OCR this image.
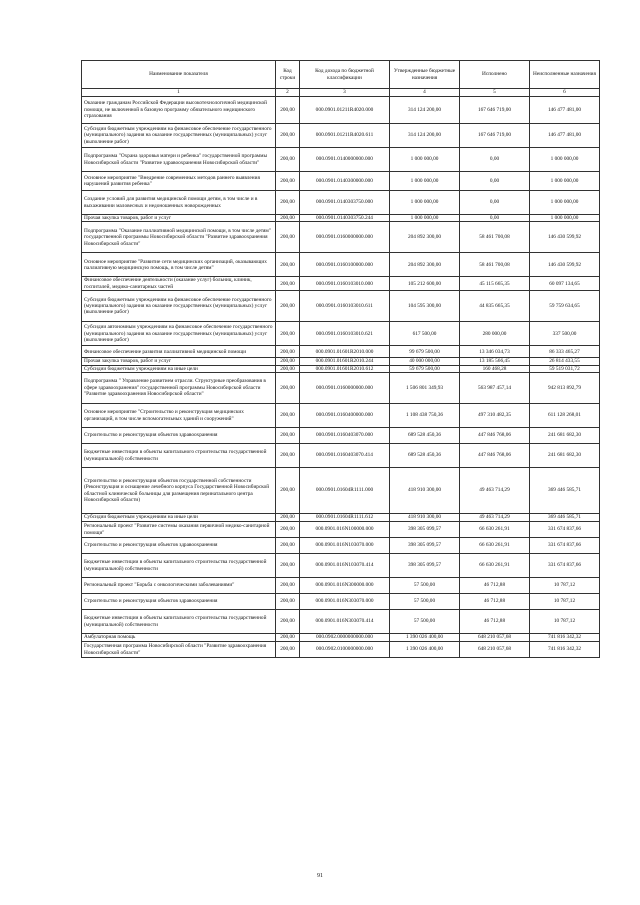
Наименование показателя	Код строки	Код дохода по бюджетной классификации	Утвержденные бюджетные назначения	Исполнено	Неисполненные назначения
1	2	3	4	5	6
Оказание гражданам Российской Федерации высокотехнологичной медицинской помощи, не включенной в базовую программу обязательного медицинского страхования	200,00	000.0901.01211R4020.000	314 124 200,00	167 646 719,00	146 477 481,00
Субсидии бюджетным учреждениям на финансовое обеспечение государственного (муниципального) задания на оказание государственных (муниципальных) услуг (выполнение работ)	200,00	000.0901.01211R4020.611	314 124 200,00	167 646 719,00	146 477 481,00
Подпрограмма "Охрана здоровья матери и ребенка" государственной программы Новосибирской области "Развитие здравоохранения Новосибирской области"	200,00	000.0901.0140000000.000	1 000 000,00	0,00	1 000 000,00
Основное мероприятие "Внедрение современных методов раннего выявления нарушений развития ребенка"	200,00	000.0901.0140300000.000	1 000 000,00	0,00	1 000 000,00
Создание условий для развития медицинской помощи детям, в том числе и в выхаживании маловесных и недоношенных новорожденных	200,00	000.0901.0140303750.000	1 000 000,00	0,00	1 000 000,00
Прочая закупка товаров, работ и услуг	200,00	000.0901.0140303750.244	1 000 000,00	0,00	1 000 000,00
Подпрограмма "Оказание паллиативной медицинской помощи, в том числе детям" государственной программы Новосибирской области "Развитие здравоохранения Новосибирской области"	200,00	000.0901.0160000000.000	204 892 300,00	58 461 700,08	146 430 599,92
Основное мероприятие "Развитие сети медицинских организаций, оказывающих паллиативную медицинскую помощь, в том числе детям"	200,00	000.0901.0160100000.000	204 892 300,00	58 461 700,08	146 430 599,92
Финансовое обеспечение деятельности (оказание услуг) больниц, клиник, госпиталей, медико-санитарных частей	200,00	000.0901.0160103010.000	105 212 600,00	45 115 665,35	60 097 134,65
Субсидии бюджетным учреждениям на финансовое обеспечение государственного (муниципального) задания на оказание государственных (муниципальных) услуг (выполнение работ)	200,00	000.0901.0160103010.611	104 595 300,00	44 835 665,35	59 759 634,65
Субсидии автономным учреждениям на финансовое обеспечение государственного (муниципального) задания на оказание государственных (муниципальных) услуг (выполнение работ)	200,00	000.0901.0160103010.621	617 500,00	280 000,00	337 500,00
Финансовое обеспечение развития паллиативной медицинской помощи	200,00	000.0901.01601R2010.000	99 679 500,00	13 346 034,73	86 333 465,27
Прочая закупка товаров, работ и услуг	200,00	000.0901.01601R2010.244	40 000 000,00	13 185 566,45	26 814 433,55
Субсидии бюджетным учреждениям на иные цели	200,00	000.0901.01601R2010.612	59 679 500,00	160 468,28	59 519 031,72
Подпрограмма " Управление развитием отрасли. Структурные преобразования в сфере здравоохранения" государственной программы Новосибирской области "Развитие здравоохранения Новосибирской области"	200,00	000.0901.0160000000.000	1 506 801 349,93	563 987 457,14	942 813 892,79
Основное мероприятие "Строительство и реконструкция медицинских организаций, в том числе вспомогательных зданий и сооружений"	200,00	000.0901.0160400000.000	1 108 438 750,36	497 310 482,35	611 128 268,01
Строительство и реконструкция объектов здравоохранения	200,00	000.0901.0160403070.000	689 528 450,36	447 846 768,06	241 681 682,30
Бюджетные инвестиции в объекты капитального строительства государственной (муниципальной) собственности	200,00	000.0901.0160403070.414	689 528 450,36	447 846 768,06	241 681 682,30
Строительство и реконструкция объектов государственной собственности (Реконструкция и оснащение лечебного корпуса Государственной Новосибирской областной клинической больницы для размещения перинатального центра Новосибирской области)	200,00	000.0901.01604R1111.000	418 910 300,00	49 463 714,29	369 446 585,71
Субсидии бюджетным учреждениям на иные цели	200,00	000.0901.01604R1111.612	418 910 300,00	49 463 714,29	369 446 585,71
Региональный проект "Развитие системы оказания первичной медико-санитарной помощи"	200,00	000.0901.016N100000.000	398 305 099,57	66 630 261,91	331 674 837,66
Строительство и реконструкция объектов здравоохранения	200,00	000.0901.016N103070.000	398 305 099,57	66 630 261,91	331 674 837,66
Бюджетные инвестиции в объекты капитального строительства государственной (муниципальной) собственности	200,00	000.0901.016N103070.414	398 305 099,57	66 630 261,91	331 674 837,66
Региональный проект "Борьба с онкологическими заболеваниями"	200,00	000.0901.016N300000.000	57 500,00	46 712,88	10 787,12
Строительство и реконструкция объектов здравоохранения	200,00	000.0901.016N303070.000	57 500,00	46 712,88	10 787,12
Бюджетные инвестиции в объекты капитального строительства государственной (муниципальной) собственности	200,00	000.0901.016N303070.414	57 500,00	46 712,88	10 787,12
Амбулаторная помощь	200,00	000.0902.0000000000.000	1 390 026 400,00	648 210 057,68	741 816 342,32
Государственная программа Новосибирской области "Развитие здравоохранения Новосибирской области"	200,00	000.0902.0100000000.000	1 390 026 400,00	648 210 057,68	741 816 342,32
91
